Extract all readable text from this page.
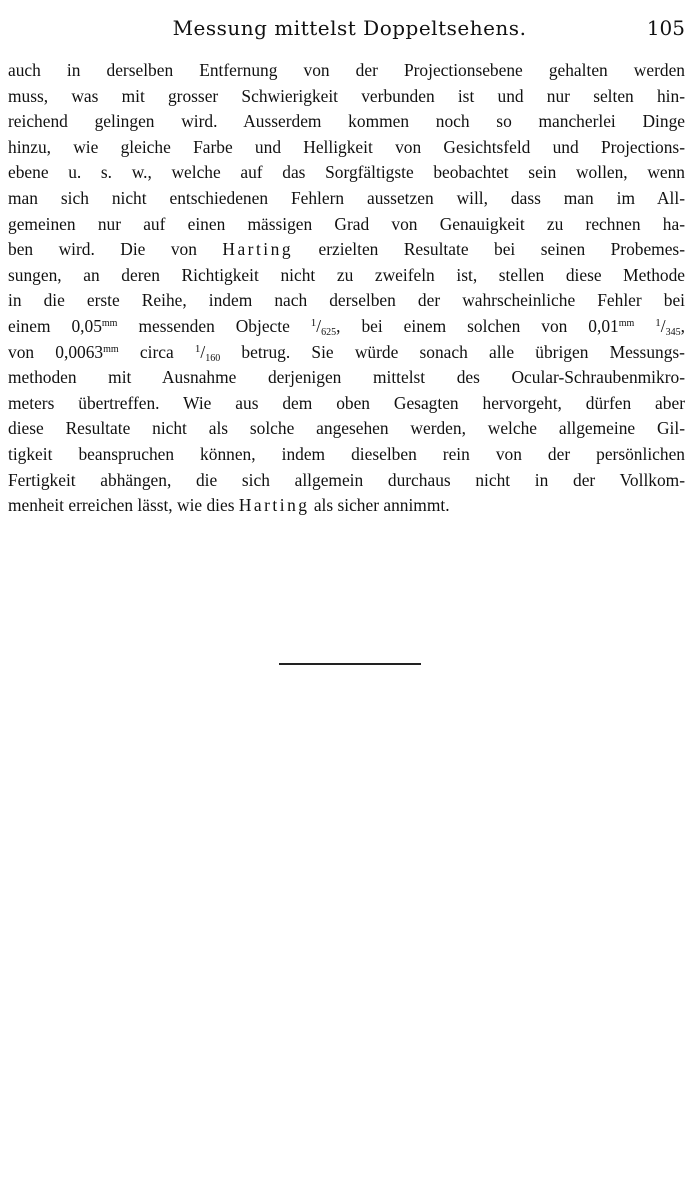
Messung mittelst Doppeltsehens.	105
auch in derselben Entfernung von der Projectionsebene gehalten werden
muss, was mit grosser Schwierigkeit verbunden ist und nur selten hin-
reichend gelingen wird. Ausserdem kommen noch so mancherlei Dinge
hinzu, wie gleiche Farbe und Helligkeit von Gesichtsfeld und Projections-
ebene u. s. w., welche auf das Sorgfältigste beobachtet sein wollen, wenn
man sich nicht entschiedenen Fehlern aussetzen will, dass man im All-
gemeinen nur auf einen mässigen Grad von Genauigkeit zu rechnen ha-
ben wird. Die von Harting erzielten Resultate bei seinen Probemes-
sungen, an deren Richtigkeit nicht zu zweifeln ist, stellen diese Methode
in die erste Reihe, indem nach derselben der wahrscheinliche Fehler bei
einem $0,05^{mm}$ messenden Objecte $^1/_{625}$, bei einem solchen von $0,01^{mm}$ $^1/_{345}$,
von $0,0063^{mm}$ circa $^1/_{160}$ betrug. Sie würde sonach alle übrigen Messungs-
methoden mit Ausnahme derjenigen mittelst des Ocular-Schraubenmikro-
meters übertreffen. Wie aus dem oben Gesagten hervorgeht, dürfen aber
diese Resultate nicht als solche angesehen werden, welche allgemeine Gil-
tigkeit beanspruchen können, indem dieselben rein von der persönlichen
Fertigkeit abhängen, die sich allgemein durchaus nicht in der Vollkom-
menheit erreichen lässt, wie dies Harting als sicher annimmt.
